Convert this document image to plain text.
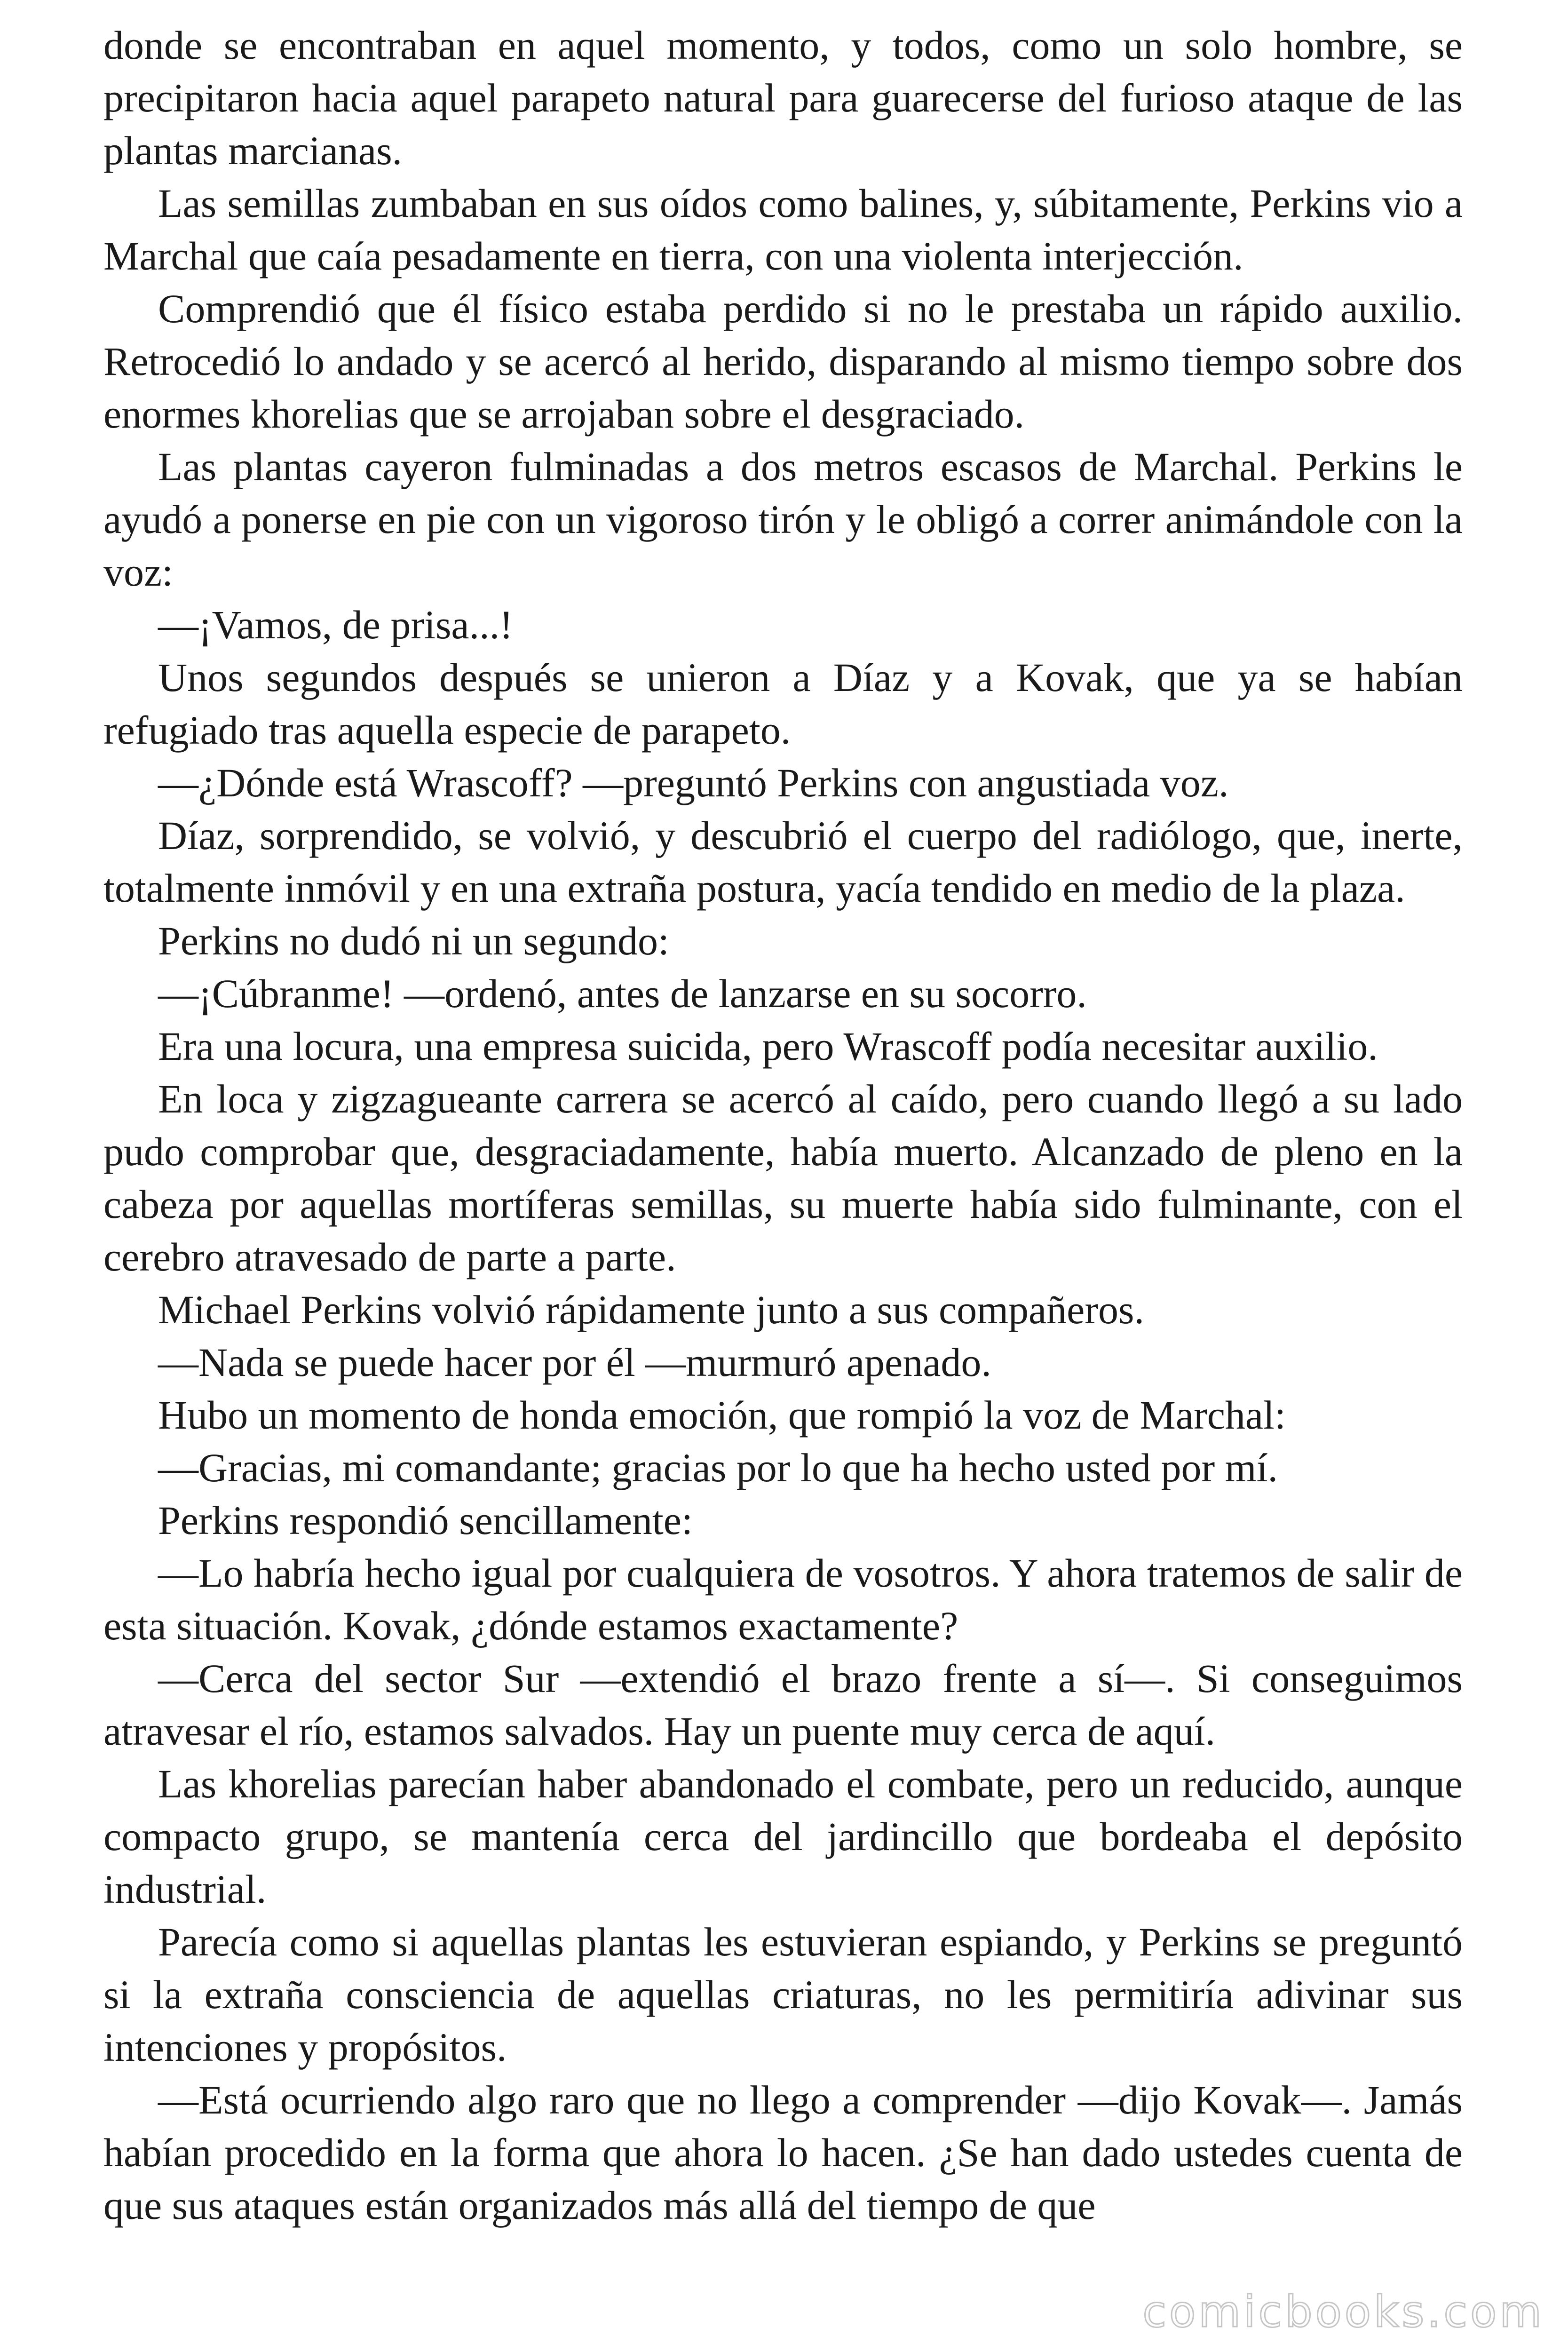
donde se encontraban en aquel momento, y todos, como un solo hombre, se precipitaron hacia aquel parapeto natural para guarecerse del furioso ataque de las plantas marcianas.

Las semillas zumbaban en sus oídos como balines, y, súbitamente, Perkins vio a Marchal que caía pesadamente en tierra, con una violenta interjección.

Comprendió que él físico estaba perdido si no le prestaba un rápido auxilio. Retrocedió lo andado y se acercó al herido, disparando al mismo tiempo sobre dos enormes khorelias que se arrojaban sobre el desgraciado.

Las plantas cayeron fulminadas a dos metros escasos de Marchal. Perkins le ayudó a ponerse en pie con un vigoroso tirón y le obligó a correr animándole con la voz:

—¡Vamos, de prisa...!

Unos segundos después se unieron a Díaz y a Kovak, que ya se habían refugiado tras aquella especie de parapeto.

—¿Dónde está Wrascoff? —preguntó Perkins con angustiada voz.

Díaz, sorprendido, se volvió, y descubrió el cuerpo del radiólogo, que, inerte, totalmente inmóvil y en una extraña postura, yacía tendido en medio de la plaza.

Perkins no dudó ni un segundo:

—¡Cúbranme! —ordenó, antes de lanzarse en su socorro.

Era una locura, una empresa suicida, pero Wrascoff podía necesitar auxilio.

En loca y zigzagueante carrera se acercó al caído, pero cuando llegó a su lado pudo comprobar que, desgraciadamente, había muerto. Alcanzado de pleno en la cabeza por aquellas mortíferas semillas, su muerte había sido fulminante, con el cerebro atravesado de parte a parte.

Michael Perkins volvió rápidamente junto a sus compañeros.

—Nada se puede hacer por él —murmuró apenado.

Hubo un momento de honda emoción, que rompió la voz de Marchal:

—Gracias, mi comandante; gracias por lo que ha hecho usted por mí.

Perkins respondió sencillamente:

—Lo habría hecho igual por cualquiera de vosotros. Y ahora tratemos de salir de esta situación. Kovak, ¿dónde estamos exactamente?

—Cerca del sector Sur —extendió el brazo frente a sí—. Si conseguimos atravesar el río, estamos salvados. Hay un puente muy cerca de aquí.

Las khorelias parecían haber abandonado el combate, pero un reducido, aunque compacto grupo, se mantenía cerca del jardincillo que bordeaba el depósito industrial.

Parecía como si aquellas plantas les estuvieran espiando, y Perkins se preguntó si la extraña consciencia de aquellas criaturas, no les permitiría adivinar sus intenciones y propósitos.

—Está ocurriendo algo raro que no llego a comprender —dijo Kovak—. Jamás habían procedido en la forma que ahora lo hacen. ¿Se han dado ustedes cuenta de que sus ataques están organizados más allá del tiempo de que

comicbooks.com
